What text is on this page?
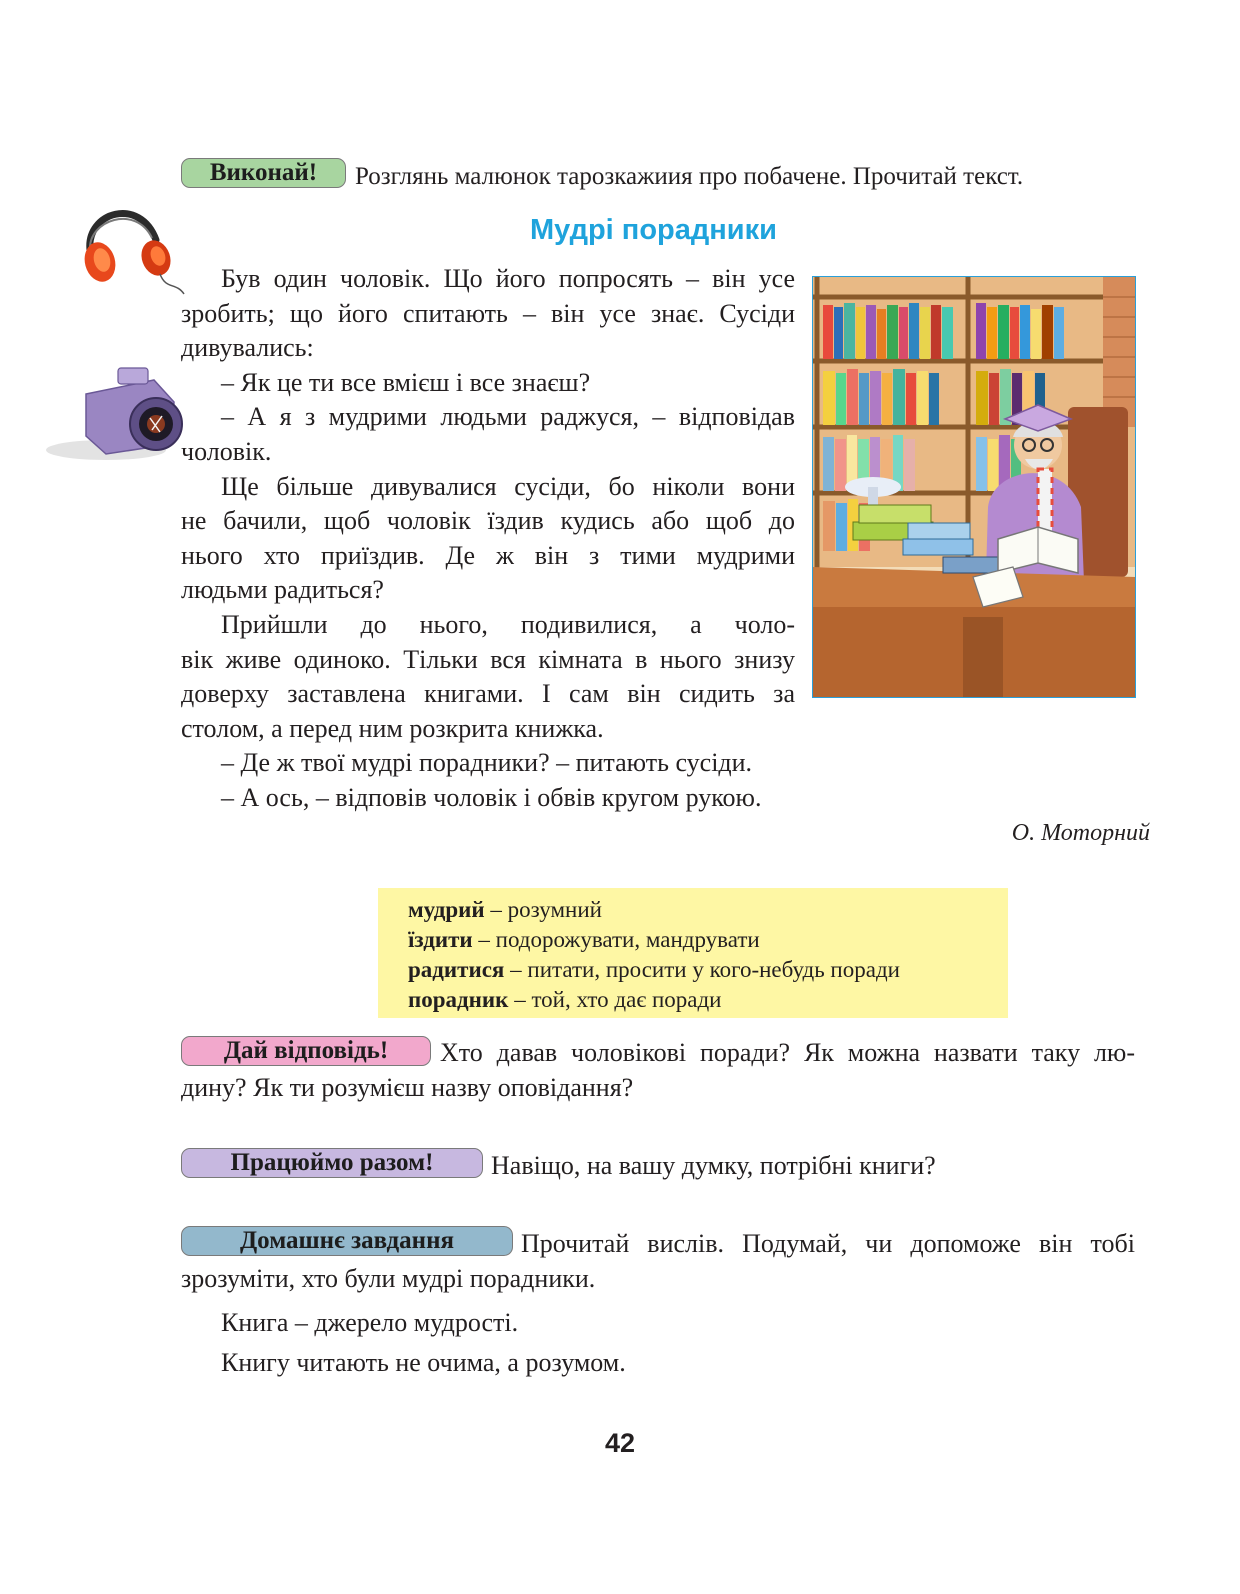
Виконай!	Розглянь малюнок тарозкажиия про побачене. Прочитай текст.
Мудрі порадники
Був один чоловік. Що його попросять – він усе
зробить; що його спитають – він усе знає. Сусіди
дивувались:
– Як це ти все вмієш і все знаєш?
– А я з мудрими людьми раджуся, – відповідав
чоловік.
Ще більше дивувалися сусіди, бо ніколи вони
не бачили, щоб чоловік їздив кудись або щоб до
нього хто приїздив. Де ж він з тими мудрими
людьми радиться?
Прийшли до нього, подивилися, а чоло-
вік живе одиноко. Тільки вся кімната в нього знизу
доверху заставлена книгами. І сам він сидить за
столом, а перед ним розкрита книжка.
– Де ж твої мудрі порадники? – питають сусіди.
– А ось, – відповів чоловік і обвів кругом рукою.
О. Моторний
мудрий – розумний
їздити – подорожувати, мандрувати
радитися – питати, просити у кого-небудь поради
порадник – той, хто дає поради
Дай відповідь!	Хто давав чоловікові поради? Як можна назвати таку лю-
дину? Як ти розумієш назву оповідання?
Працюймо разом!	Навіщо, на вашу думку, потрібні книги?
Домашнє завдання	Прочитай вислів. Подумай, чи допоможе він тобі
зрозуміти, хто були мудрі порадники.
Книга – джерело мудрості.
Книгу читають не очима, а розумом.
42
